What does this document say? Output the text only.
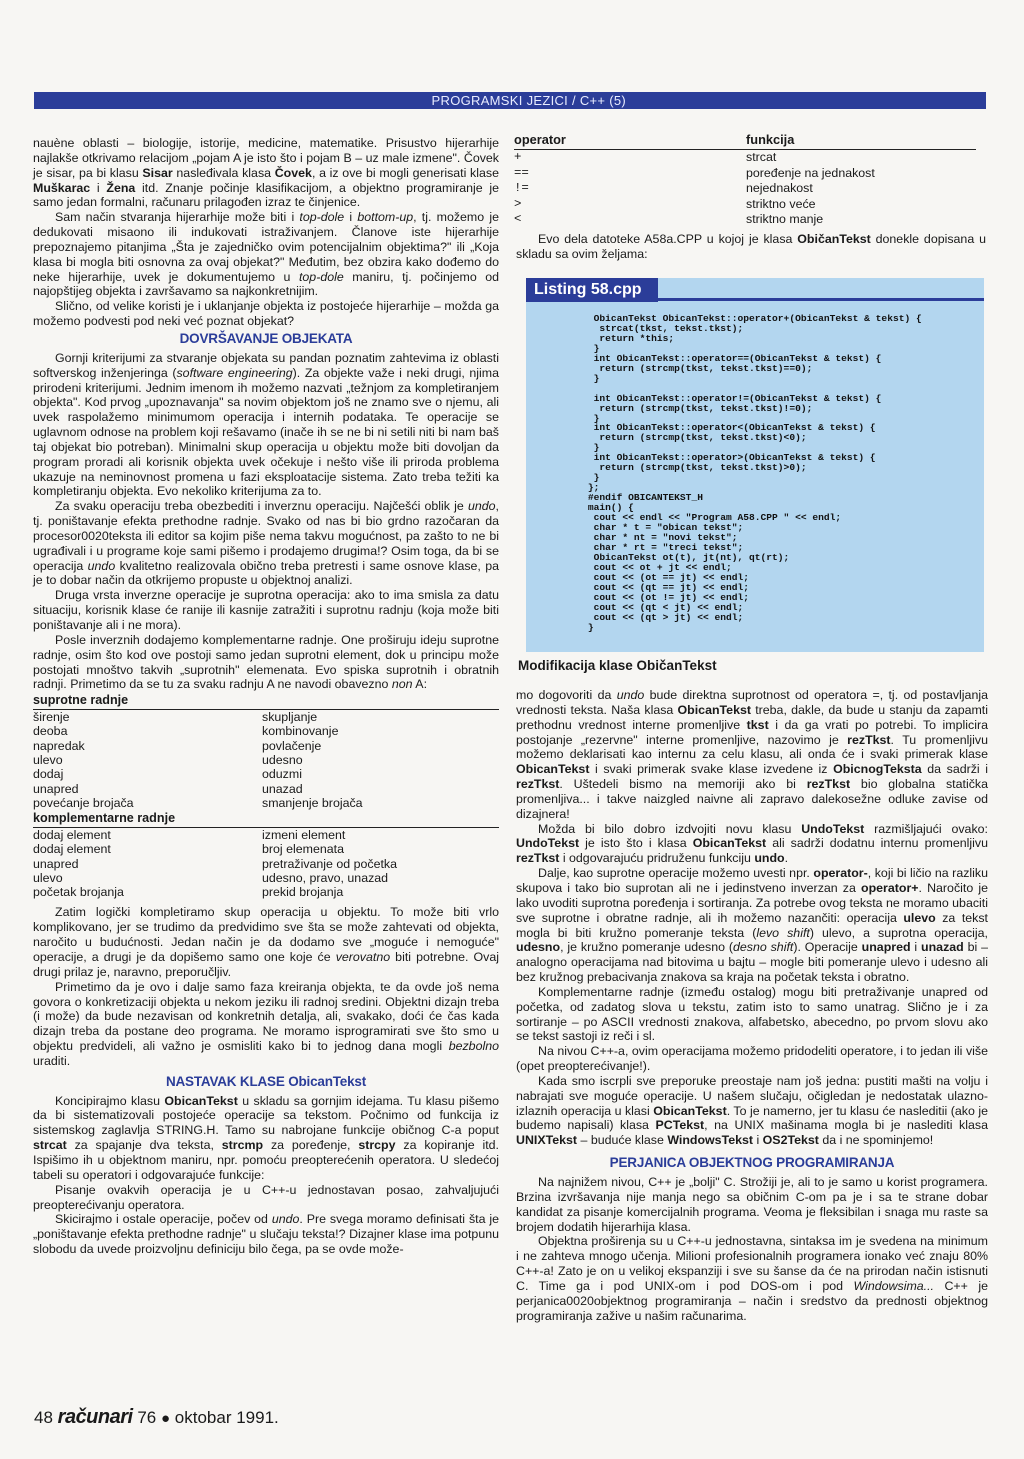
PROGRAMSKI JEZICI / C++ (5)

nauène oblasti – biologije, istorije, medicine, matematike. Prisustvo hijerarhije najlakše otkrivamo relacijom „pojam A je isto što i pojam B – uz male izmene". Čovek je sisar, pa bi klasu Sisar nasleđivala klasa Čovek, a iz ove bi mogli generisati klase Muškarac i Žena itd. Znanje počinje klasifikacijom, a objektno programiranje je samo jedan formalni, računaru prilagođen izraz te činjenice.

Sam način stvaranja hijerarhije može biti i top-dole i bottom-up, tj. možemo je dedukovati misaono ili indukovati istraživanjem. Članove iste hijerarhije prepoznajemo pitanjima „Šta je zajedničko ovim potencijalnim objektima?" ili „Koja klasa bi mogla biti osnovna za ovaj objekat?" Međutim, bez obzira kako dođemo do neke hijerarhije, uvek je dokumentujemo u top-dole maniru, tj. počinjemo od najopštijeg objekta i završavamo sa najkonkretnijim.

Slično, od velike koristi je i uklanjanje objekta iz postojeće hijerarhije – možda ga možemo podvesti pod neki već poznat objekat?

DOVRŠAVANJE OBJEKATA

Gornji kriterijumi za stvaranje objekata su pandan poznatim zahtevima iz oblasti softverskog inženjeringa (software engineering). Za objekte važe i neki drugi, njima prirodeni kriterijumi. Jednim imenom ih možemo nazvati „težnjom za kompletiranjem objekta". Kod prvog „upoznavanja" sa novim objektom još ne znamo sve o njemu, ali uvek raspolažemo minimumom operacija i internih podataka. Te operacije se uglavnom odnose na problem koji rešavamo (inače ih se ne bi ni setili niti bi nam baš taj objekat bio potreban). Minimalni skup operacija u objektu može biti dovoljan da program proradi ali korisnik objekta uvek očekuje i nešto više ili priroda problema ukazuje na neminovnost promena u fazi eksploatacije sistema. Zato treba težiti ka kompletiranju objekta. Evo nekoliko kriterijuma za to.

Za svaku operaciju treba obezbediti i inverznu operaciju. Najčešći oblik je undo, tj. poništavanje efekta prethodne radnje. Svako od nas bi bio grdno razočaran da procesor0020teksta ili editor sa kojim piše nema takvu mogućnost, pa zašto to ne bi ugrađivali i u programe koje sami pišemo i prodajemo drugima!? Osim toga, da bi se operacija undo kvalitetno realizovala obično treba pretresti i same osnove klase, pa je to dobar način da otkrijemo propuste u objektnoj analizi.

Druga vrsta inverzne operacije je suprotna operacija: ako to ima smisla za datu situaciju, korisnik klase će ranije ili kasnije zatražiti i suprotnu radnju (koja može biti poništavanje ali i ne mora).

Posle inverznih dodajemo komplementarne radnje. One proširuju ideju suprotne radnje, osim što kod ove postoji samo jedan suprotni element, dok u principu može postojati mnoštvo takvih „suprotnih" elemenata. Evo spiska suprotnih i obratnih radnji. Primetimo da se tu za svaku radnju A ne navodi obavezno non A:

suprotne radnje
širenje	skupljanje
deoba	kombinovanje
napredak	povlačenje
ulevo	udesno
dodaj	oduzmi
unapred	unazad
povećanje brojača	smanjenje brojača
komplementarne radnje
dodaj element	izmeni element
dodaj element	broj elemenata
unapred	pretraživanje od početka
ulevo	udesno, pravo, unazad
početak brojanja	prekid brojanja

Zatim logički kompletiramo skup operacija u objektu. To može biti vrlo komplikovano, jer se trudimo da predvidimo sve šta se može zahtevati od objekta, naročito u budućnosti. Jedan način je da dodamo sve „moguće i nemoguće" operacije, a drugi je da dopišemo samo one koje će verovatno biti potrebne. Ovaj drugi prilaz je, naravno, preporučljiv.

Primetimo da je ovo i dalje samo faza kreiranja objekta, te da ovde još nema govora o konkretizaciji objekta u nekom jeziku ili radnoj sredini. Objektni dizajn treba (i može) da bude nezavisan od konkretnih detalja, ali, svakako, doći će čas kada dizajn treba da postane deo programa. Ne moramo isprogramirati sve što smo u objektu predvideli, ali važno je osmisliti kako bi to jednog dana mogli bezbolno uraditi.

NASTAVAK KLASE ObicanTekst

Koncipirajmo klasu ObicanTekst u skladu sa gornjim idejama. Tu klasu pišemo da bi sistematizovali postojeće operacije sa tekstom. Počnimo od funkcija iz sistemskog zaglavlja STRING.H. Tamo su nabrojane funkcije običnog C-a poput strcat za spajanje dva teksta, strcmp za poređenje, strcpy za kopiranje itd. Ispišimo ih u objektnom maniru, npr. pomoću preopterećenih operatora. U sledećoj tabeli su operatori i odgovarajuće funkcije:

Pisanje ovakvih operacija je u C++-u jednostavan posao, zahvaljujući preopterećivanju operatora.

Skicirajmo i ostale operacije, počev od undo. Pre svega moramo definisati šta je „poništavanje efekta prethodne radnje" u slučaju teksta!? Dizajner klase ima potpunu slobodu da uvede proizvoljnu definiciju bilo čega, pa se ovde može-

operator	funkcija
+	strcat
==	poređenje na jednakost
!=	nejednakost
>	striktno veće
<	striktno manje

Evo dela datoteke A58a.CPP u kojoj je klasa ObičanTekst donekle dopisana u skladu sa ovim željama:

Listing 58.cpp
ObicanTekst ObicanTekst::operator+(ObicanTekst & tekst) {
strcat(tkst, tekst.tkst);
return *this;
}
int ObicanTekst::operator==(ObicanTekst & tekst) {
return (strcmp(tkst, tekst.tkst)==0);
}

int ObicanTekst::operator!=(ObicanTekst & tekst) {
return (strcmp(tkst, tekst.tkst)!=0);
}
int ObicanTekst::operator<(ObicanTekst & tekst) {
return (strcmp(tkst, tekst.tkst)<0);
}
int ObicanTekst::operator>(ObicanTekst & tekst) {
return (strcmp(tkst, tekst.tkst)>0);
}
};
#endif OBICANTEKST_H
main() {
cout << endl << "Program A58.CPP " << endl;
char * t = "obican tekst";
char * nt = "novi tekst";
char * rt = "treci tekst";
ObicanTekst ot(t), jt(nt), qt(rt);
cout << ot + jt << endl;
cout << (ot == jt) << endl;
cout << (qt == jt) << endl;
cout << (ot != jt) << endl;
cout << (qt < jt) << endl;
cout << (qt > jt) << endl;
}
Modifikacija klase ObičanTekst

mo dogovoriti da undo bude direktna suprotnost od operatora =, tj. od postavljanja vrednosti teksta. Naša klasa ObicanTekst treba, dakle, da bude u stanju da zapamti prethodnu vrednost interne promenljive tkst i da ga vrati po potrebi. To implicira postojanje „rezervne" interne promenljive, nazovimo je rezTkst. Tu promenljivu možemo deklarisati kao internu za celu klasu, ali onda će i svaki primerak klase ObicanTekst i svaki primerak svake klase izvedene iz ObicnogTeksta da sadrži i rezTkst. Uštedeli bismo na memoriji ako bi rezTkst bio globalna statička promenljiva... i takve naizgled naivne ali zapravo dalekosežne odluke zavise od dizajnera!

Možda bi bilo dobro izdvojiti novu klasu UndoTekst razmišljajući ovako: UndoTekst je isto što i klasa ObicanTekst ali sadrži dodatnu internu promenljivu rezTkst i odgovarajuću pridruženu funkciju undo.

Dalje, kao suprotne operacije možemo uvesti npr. operator-, koji bi ličio na razliku skupova i tako bio suprotan ali ne i jedinstveno inverzan za operator+. Naročito je lako uvoditi suprotna poređenja i sortiranja. Za potrebe ovog teksta ne moramo ubaciti sve suprotne i obratne radnje, ali ih možemo nazančiti: operacija ulevo za tekst mogla bi biti kružno pomeranje teksta (levo shift) ulevo, a suprotna operacija, udesno, je kružno pomeranje udesno (desno shift). Operacije unapred i unazad bi – analogno operacijama nad bitovima u bajtu – mogle biti pomeranje ulevo i udesno ali bez kružnog prebacivanja znakova sa kraja na početak teksta i obratno.

Komplementarne radnje (između ostalog) mogu biti pretraživanje unapred od početka, od zadatog slova u tekstu, zatim isto to samo unatrag. Slično je i za sortiranje – po ASCII vrednosti znakova, alfabetsko, abecedno, po prvom slovu ako se tekst sastoji iz reči i sl.

Na nivou C++-a, ovim operacijama možemo pridodeliti operatore, i to jedan ili više (opet preopterećivanje!).

Kada smo iscrpli sve preporuke preostaje nam još jedna: pustiti mašti na volju i nabrajati sve moguće operacije. U našem slučaju, očigledan je nedostatak ulazno-izlaznih operacija u klasi ObicanTekst. To je namerno, jer tu klasu će nasleditii (ako je budemo napisali) klasa PCTekst, na UNIX mašinama mogla bi je naslediti klasa UNIXTekst – buduće klase WindowsTekst i OS2Tekst da i ne spominjemo!

PERJANICA OBJEKTNOG PROGRAMIRANJA

Na najnižem nivou, C++ je „bolji" C. Strožiji je, ali to je samo u korist programera. Brzina izvršavanja nije manja nego sa običnim C-om pa je i sa te strane dobar kandidat za pisanje komercijalnih programa. Veoma je fleksibilan i snaga mu raste sa brojem dodatih hijerarhija klasa.

Objektna proširenja su u C++-u jednostavna, sintaksa im je svedena na minimum i ne zahteva mnogo učenja. Milioni profesionalnih programera ionako već znaju 80% C++-a! Zato je on u velikoj ekspanziji i sve su šanse da će na prirodan način istisnuti C. Time ga i pod UNIX-om i pod DOS-om i pod Windowsima... C++ je perjanica0020objektnog programiranja – način i sredstvo da prednosti objektnog programiranja zaživе u našim računarima.

48 računari 76 ● oktobar 1991.
